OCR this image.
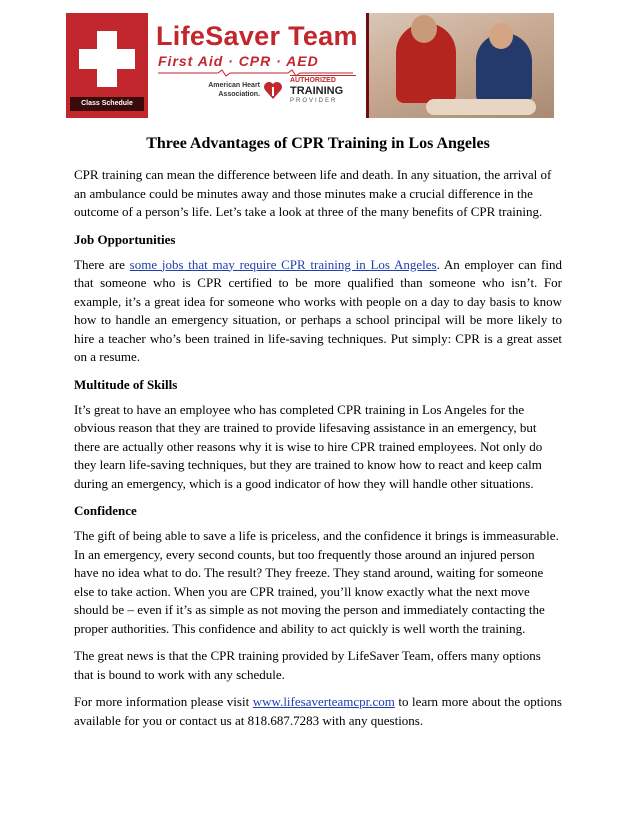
Class Schedule
LifeSaver Team
First Aid · CPR · AED
American Heart
Association.
AUTHORIZED
TRAINING
PROVIDER
Three Advantages of CPR Training in Los Angeles

CPR training can mean the difference between life and death. In any situation, the arrival of an ambulance could be minutes away and those minutes make a crucial difference in the outcome of a person’s life. Let’s take a look at three of the many benefits of CPR training.

Job Opportunities

There are some jobs that may require CPR training in Los Angeles. An employer can find that someone who is CPR certified to be more qualified than someone who isn’t. For example, it’s a great idea for someone who works with people on a day to day basis to know how to handle an emergency situation, or perhaps a school principal will be more likely to hire a teacher who’s been trained in life-saving techniques. Put simply: CPR is a great asset on a resume.

Multitude of Skills

It’s great to have an employee who has completed CPR training in Los Angeles for the obvious reason that they are trained to provide lifesaving assistance in an emergency, but there are actually other reasons why it is wise to hire CPR trained employees. Not only do they learn life-saving techniques, but they are trained to know how to react and keep calm during an emergency, which is a good indicator of how they will handle other situations.

Confidence

The gift of being able to save a life is priceless, and the confidence it brings is immeasurable. In an emergency, every second counts, but too frequently those around an injured person have no idea what to do. The result? They freeze. They stand around, waiting for someone else to take action. When you are CPR trained, you’ll know exactly what the next move should be – even if it’s as simple as not moving the person and immediately contacting the proper authorities. This confidence and ability to act quickly is well worth the training.

The great news is that the CPR training provided by LifeSaver Team, offers many options that is bound to work with any schedule.

For more information please visit www.lifesaverteamcpr.com to learn more about the options available for you or contact us at 818.687.7283 with any questions.
